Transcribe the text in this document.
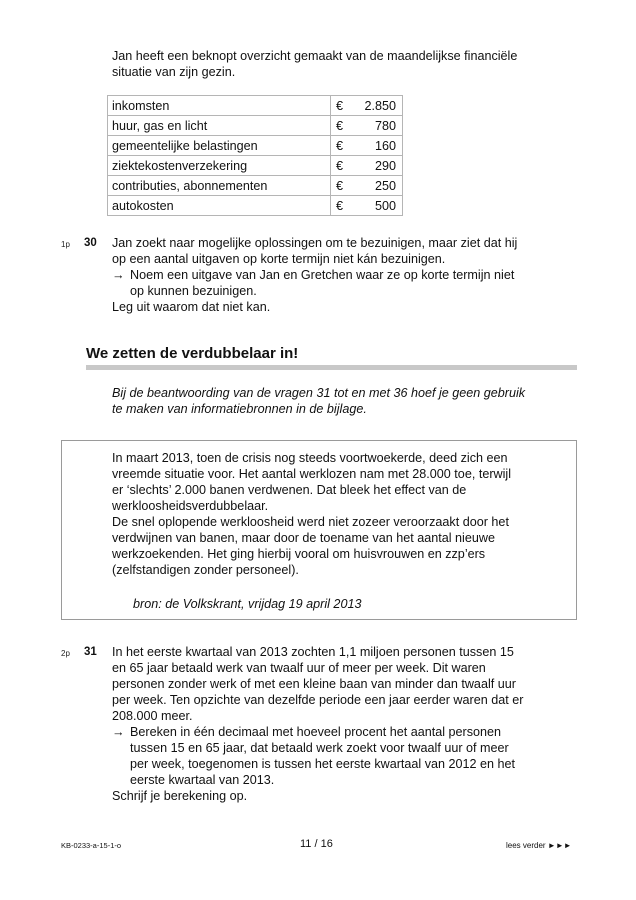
Jan heeft een beknopt overzicht gemaakt van de maandelijkse financiële
situatie van zijn gezin.
inkomsten	€	2.850
huur, gas en licht	€	780
gemeentelijke belastingen	€	160
ziektekostenverzekering	€	290
contributies, abonnementen	€	250
autokosten	€	500
1p 30 Jan zoekt naar mogelijke oplossingen om te bezuinigen, maar ziet dat hij
op een aantal uitgaven op korte termijn niet kán bezuinigen.
→ Noem een uitgave van Jan en Gretchen waar ze op korte termijn niet
op kunnen bezuinigen.
Leg uit waarom dat niet kan.
We zetten de verdubbelaar in!
Bij de beantwoording van de vragen 31 tot en met 36 hoef je geen gebruik
te maken van informatiebronnen in de bijlage.
In maart 2013, toen de crisis nog steeds voortwoekerde, deed zich een
vreemde situatie voor. Het aantal werklozen nam met 28.000 toe, terwijl
er ‘slechts’ 2.000 banen verdwenen. Dat bleek het effect van de
werkloosheidsverdubbelaar.
De snel oplopende werkloosheid werd niet zozeer veroorzaakt door het
verdwijnen van banen, maar door de toename van het aantal nieuwe
werkzoekenden. Het ging hierbij vooral om huisvrouwen en zzp’ers
(zelfstandigen zonder personeel).
bron: de Volkskrant, vrijdag 19 april 2013
2p 31 In het eerste kwartaal van 2013 zochten 1,1 miljoen personen tussen 15
en 65 jaar betaald werk van twaalf uur of meer per week. Dit waren
personen zonder werk of met een kleine baan van minder dan twaalf uur
per week. Ten opzichte van dezelfde periode een jaar eerder waren dat er
208.000 meer.
→ Bereken in één decimaal met hoeveel procent het aantal personen
tussen 15 en 65 jaar, dat betaald werk zoekt voor twaalf uur of meer
per week, toegenomen is tussen het eerste kwartaal van 2012 en het
eerste kwartaal van 2013.
Schrijf je berekening op.
KB-0233-a-15-1-o	11 / 16	lees verder ►►►
